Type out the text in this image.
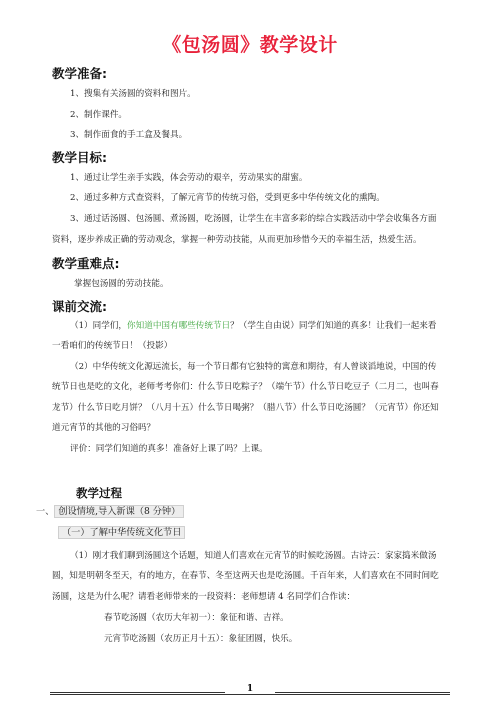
《包汤圆》教学设计
教学准备:
1、搜集有关汤圆的资料和图片。
2、制作课件。
3、制作面食的手工盒及餐具。
教学目标:
1、通过让学生亲手实践，体会劳动的艰辛，劳动果实的甜蜜。
2、通过多种方式查资料，了解元宵节的传统习俗，受到更多中华传统文化的熏陶。
3、通过话汤圆、包汤圆、煮汤圆，吃汤圆，让学生在丰富多彩的综合实践活动中学会收集各方面
资料，逐步养成正确的劳动观念，掌握一种劳动技能，从而更加珍惜今天的幸福生活，热爱生活。
教学重难点:
掌握包汤圆的劳动技能。
课前交流:
（1）同学们，你知道中国有哪些传统节日？（学生自由说）同学们知道的真多！让我们一起来看
一看咱们的传统节日！（投影）
（2）中华传统文化源远流长，每一个节日都有它独特的寓意和期待，有人曾谈滔地说，中国的传
统节日也是吃的文化，老师考考你们：什么节日吃粽子？（端午节）什么节日吃豆子（二月二，也叫春
龙节）什么节日吃月饼？（八月十五）什么节日喝粥？（腊八节）什么节日吃汤圆？（元宵节）你还知
道元宵节的其他的习俗吗？
评价：同学们知道的真多！准备好上课了吗？上课。
教学过程
一、 创设情境,导入新课（8 分钟）
（一）了解中华传统文化节日
（1）刚才我们聊到汤圆这个话题，知道人们喜欢在元宵节的时候吃汤圆。古诗云：家家捣米做汤
圆，知是明朝冬至天，有的地方，在春节、冬至这两天也是吃汤圆。千百年来，人们喜欢在不同时间吃
汤圆，这是为什么呢？请看老师带来的一段资料：老师想请 4 名同学们合作读：
春节吃汤圆（农历大年初一）：象征和谐、吉祥。
元宵节吃汤圆（农历正月十五）：象征团圆，快乐。
1
